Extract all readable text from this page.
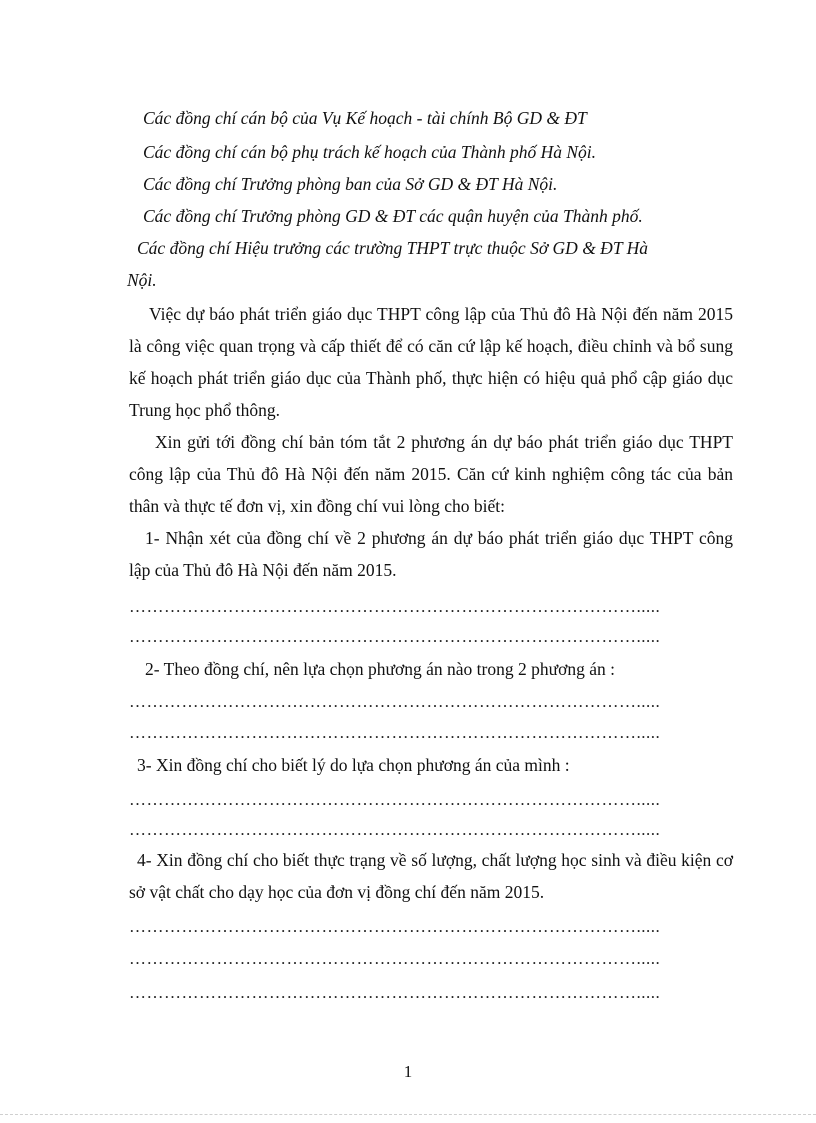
Các đồng chí cán bộ của Vụ Kế hoạch - tài chính Bộ GD & ĐT
Các đồng chí cán bộ phụ trách kế hoạch của Thành phố Hà Nội.
Các đồng chí Trưởng phòng ban của Sở GD & ĐT Hà Nội.
Các đồng chí Trưởng phòng GD & ĐT các quận huyện của Thành phố.
Các đồng chí Hiệu trưởng các trường THPT trực thuộc Sở GD & ĐT Hà
Nội.
Việc dự báo phát triển giáo dục THPT công lập của Thủ đô Hà Nội đến năm 2015 là công việc quan trọng và cấp thiết để có căn cứ lập kế hoạch, điều chỉnh và bổ sung kế hoạch phát triển giáo dục của Thành phố, thực hiện có hiệu quả phổ cập giáo dục Trung học phổ thông.
Xin gửi tới đồng chí bản tóm tắt 2 phương án dự báo phát triển giáo dục THPT công lập của Thủ đô Hà Nội đến năm 2015. Căn cứ kinh nghiệm công tác của bản thân và thực tế đơn vị, xin đồng chí vui lòng cho biết:
1- Nhận xét của đồng chí về 2 phương án dự báo phát triển giáo dục THPT công lập của Thủ đô Hà Nội đến năm 2015.
…………………………………………………………………………….....
…………………………………………………………………………….....
2- Theo đồng chí, nên lựa chọn phương án nào trong 2 phương án :
…………………………………………………………………………….....
…………………………………………………………………………….....
3- Xin đồng chí cho biết lý do lựa chọn phương án của mình :
…………………………………………………………………………….....
…………………………………………………………………………….....
4- Xin đồng chí cho biết thực trạng về số lượng, chất lượng học sinh và điều kiện cơ sở vật chất cho dạy học của đơn vị đồng chí đến năm 2015.
…………………………………………………………………………….....
…………………………………………………………………………….....
…………………………………………………………………………….....
1
